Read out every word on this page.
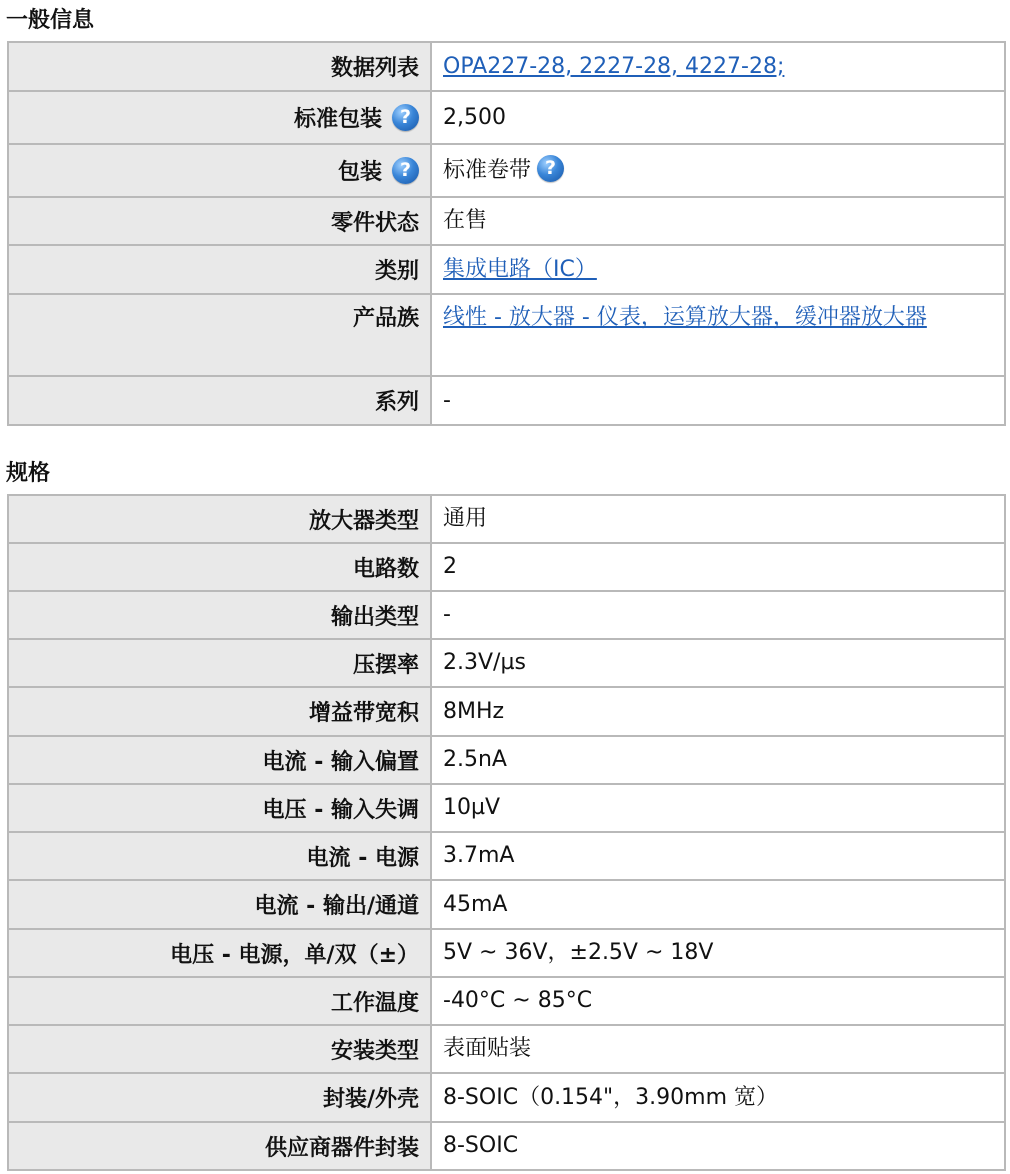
一般信息
数据列表	OPA227-28, 2227-28, 4227-28;
标准包装 ?	2,500
包装 ?	标准卷带 ?
零件状态	在售
类别	集成电路（IC）
产品族	线性 - 放大器 - 仪表，运算放大器，缓冲器放大器
系列	-
规格
放大器类型	通用
电路数	2
输出类型	-
压摆率	2.3V/µs
增益带宽积	8MHz
电流 - 输入偏置	2.5nA
电压 - 输入失调	10µV
电流 - 电源	3.7mA
电流 - 输出/通道	45mA
电压 - 电源，单/双（±）	5V ~ 36V，±2.5V ~ 18V
工作温度	-40°C ~ 85°C
安装类型	表面贴装
封装/外壳	8-SOIC（0.154"，3.90mm 宽）
供应商器件封装	8-SOIC
